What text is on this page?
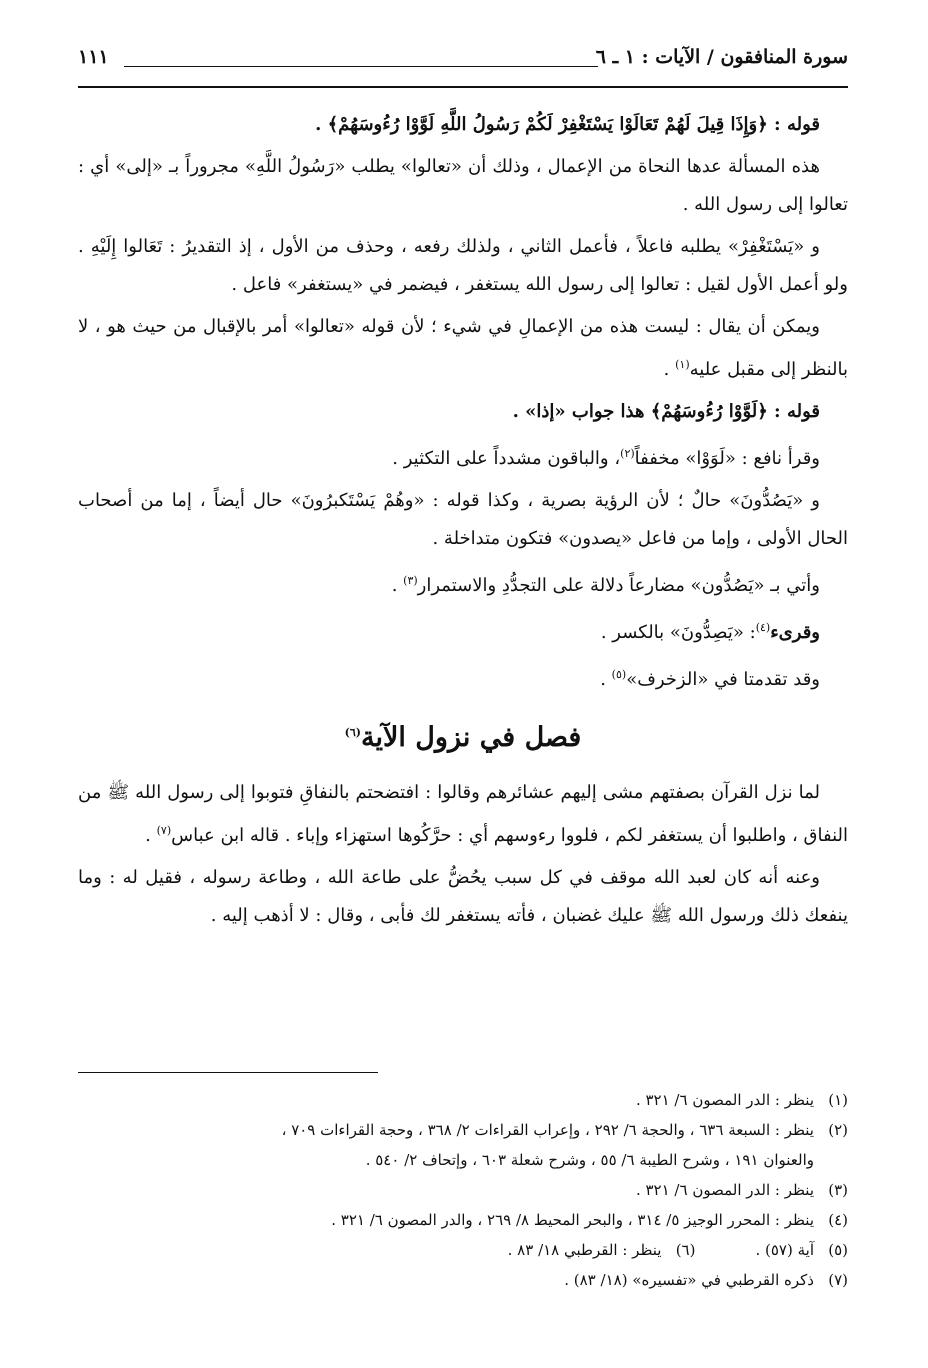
سورة المنافقون / الآيات : ١ ـ ٦
١١١

قوله : ﴿وَإِذَا قِيلَ لَهُمْ تَعَالَوْا يَسْتَغْفِرْ لَكُمْ رَسُولُ اللَّهِ لَوَّوْا رُءُوسَهُمْ﴾ .

هذه المسألة عدها النحاة من الإعمال ، وذلك أن «تعالوا» يطلب «رَسُولُ اللَّهِ» مجروراً بـ «إلى» أي : تعالوا إلى رسول الله .

و «يَسْتَغْفِرْ» يطلبه فاعلاً ، فأعمل الثاني ، ولذلك رفعه ، وحذف من الأول ، إذ التقديرُ : تَعَالوا إِلَيْهِ . ولو أعمل الأول لقيل : تعالوا إلى رسول الله يستغفر ، فيضمر في «يستغفر» فاعل .

ويمكن أن يقال : ليست هذه من الإعمالِ في شيء ؛ لأن قوله «تعالوا» أمر بالإقبال من حيث هو ، لا بالنظر إلى مقبل عليه$^{(١)}$ .

قوله : ﴿لَوَّوْا رُءُوسَهُمْ﴾ هذا جواب «إذا» .

وقرأ نافع : «لَوَوْا» مخففاً$^{(٢)}$، والباقون مشدداً على التكثير .

و «يَصُدُّونَ» حالٌ ؛ لأن الرؤية بصرية ، وكذا قوله : «وهُمْ يَسْتَكبرُونَ» حال أيضاً ، إما من أصحاب الحال الأولى ، وإما من فاعل «يصدون» فتكون متداخلة .

وأتي بـ «يَصُدُّون» مضارعاً دلالة على التجدُّدِ والاستمرار$^{(٣)}$ .

وقرىء$^{(٤)}$: «يَصِدُّونَ» بالكسر .

وقد تقدمتا في «الزخرف»$^{(٥)}$ .

فصل في نزول الآية$^{(٦)}$

لما نزل القرآن بصفتهم مشى إليهم عشائرهم وقالوا : افتضحتم بالنفاقِ فتوبوا إلى رسول الله ﷺ من النفاق ، واطلبوا أن يستغفر لكم ، فلووا رءوسهم أي : حرَّكُوها استهزاء وإباء . قاله ابن عباس$^{(٧)}$ .

وعنه أنه كان لعبد الله موقف في كل سبب يحُضُّ على طاعة الله ، وطاعة رسوله ، فقيل له : وما ينفعك ذلك ورسول الله ﷺ عليك غضبان ، فأته يستغفر لك فأبى ، وقال : لا أذهب إليه .

(١)ينظر : الدر المصون ٦/ ٣٢١ .

(٢)ينظر : السبعة ٦٣٦ ، والحجة ٦/ ٢٩٢ ، وإعراب القراءات ٢/ ٣٦٨ ، وحجة القراءات ٧٠٩ ،

والعنوان ١٩١ ، وشرح الطيبة ٦/ ٥٥ ، وشرح شعلة ٦٠٣ ، وإتحاف ٢/ ٥٤٠ .

(٣)ينظر : الدر المصون ٦/ ٣٢١ .

(٤)ينظر : المحرر الوجيز ٥/ ٣١٤ ، والبحر المحيط ٨/ ٢٦٩ ، والدر المصون ٦/ ٣٢١ .

(٥)آية (٥٧) .

(٦)ينظر : القرطبي ١٨/ ٨٣ .

(٧)ذكره القرطبي في «تفسيره» (١٨/ ٨٣) .
